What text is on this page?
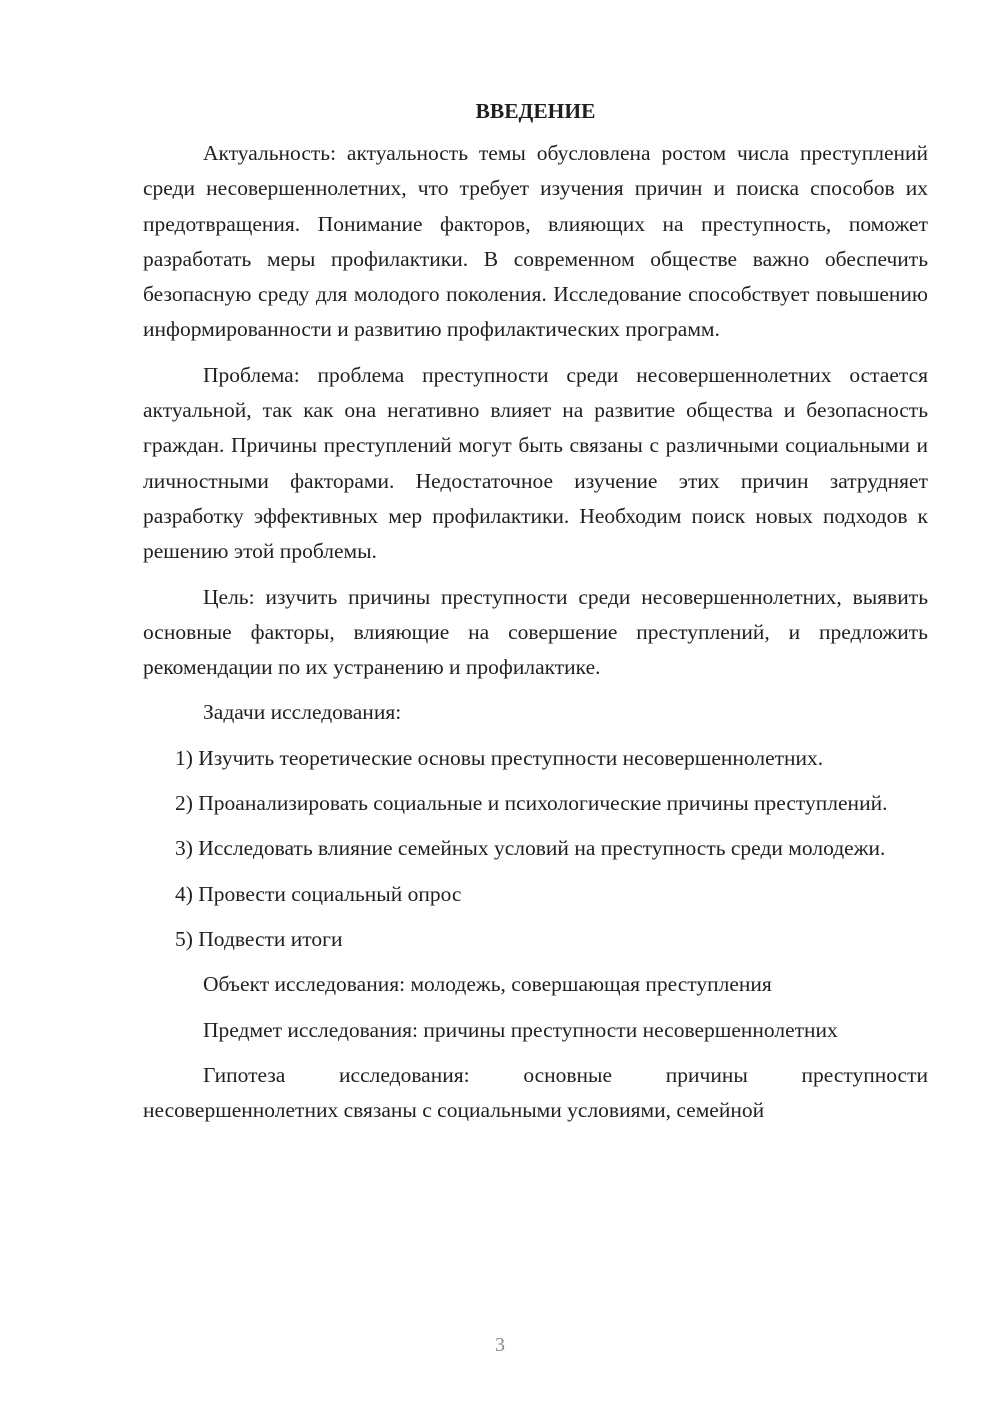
ВВЕДЕНИЕ

Актуальность: актуальность темы обусловлена ростом числа преступлений среди несовершеннолетних, что требует изучения причин и поиска способов их предотвращения. Понимание факторов, влияющих на преступность, поможет разработать меры профилактики. В современном обществе важно обеспечить безопасную среду для молодого поколения. Исследование способствует повышению информированности и развитию профилактических программ.

Проблема: проблема преступности среди несовершеннолетних остается актуальной, так как она негативно влияет на развитие общества и безопасность граждан. Причины преступлений могут быть связаны с различными социальными и личностными факторами. Недостаточное изучение этих причин затрудняет разработку эффективных мер профилактики. Необходим поиск новых подходов к решению этой проблемы.

Цель: изучить причины преступности среди несовершеннолетних, выявить основные факторы, влияющие на совершение преступлений, и предложить рекомендации по их устранению и профилактике.

Задачи исследования:

1) Изучить теоретические основы преступности несовершеннолетних.

2) Проанализировать социальные и психологические причины преступлений.

3) Исследовать влияние семейных условий на преступность среди молодежи.

4) Провести социальный опрос

5) Подвести итоги

Объект исследования: молодежь, совершающая преступления

Предмет исследования: причины преступности несовершеннолетних

Гипотеза исследования: основные причины преступности несовершеннолетних связаны с социальными условиями, семейной

3
